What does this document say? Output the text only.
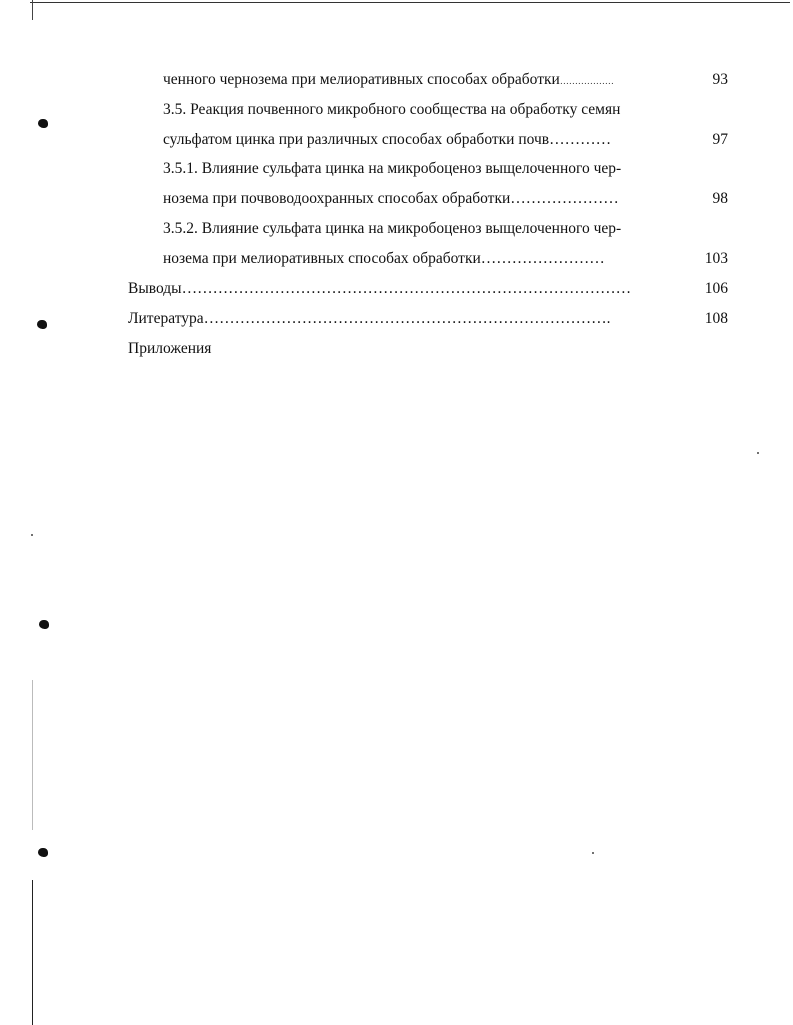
ченного чернозема при мелиоративных способах обработки………………	93
3.5. Реакция почвенного микробного сообщества на обработку семян
сульфатом цинка при различных способах обработки почв…………	97
3.5.1. Влияние сульфата цинка на микробоценоз выщелоченного чер-
нозема при почвоводоохранных способах обработки…………………	98
3.5.2. Влияние сульфата цинка на микробоценоз выщелоченного чер-
нозема при мелиоративных способах обработки……………………	103
Выводы……………………………………………………………………………	106
Литература…………………………………………………………………….	108
Приложения
